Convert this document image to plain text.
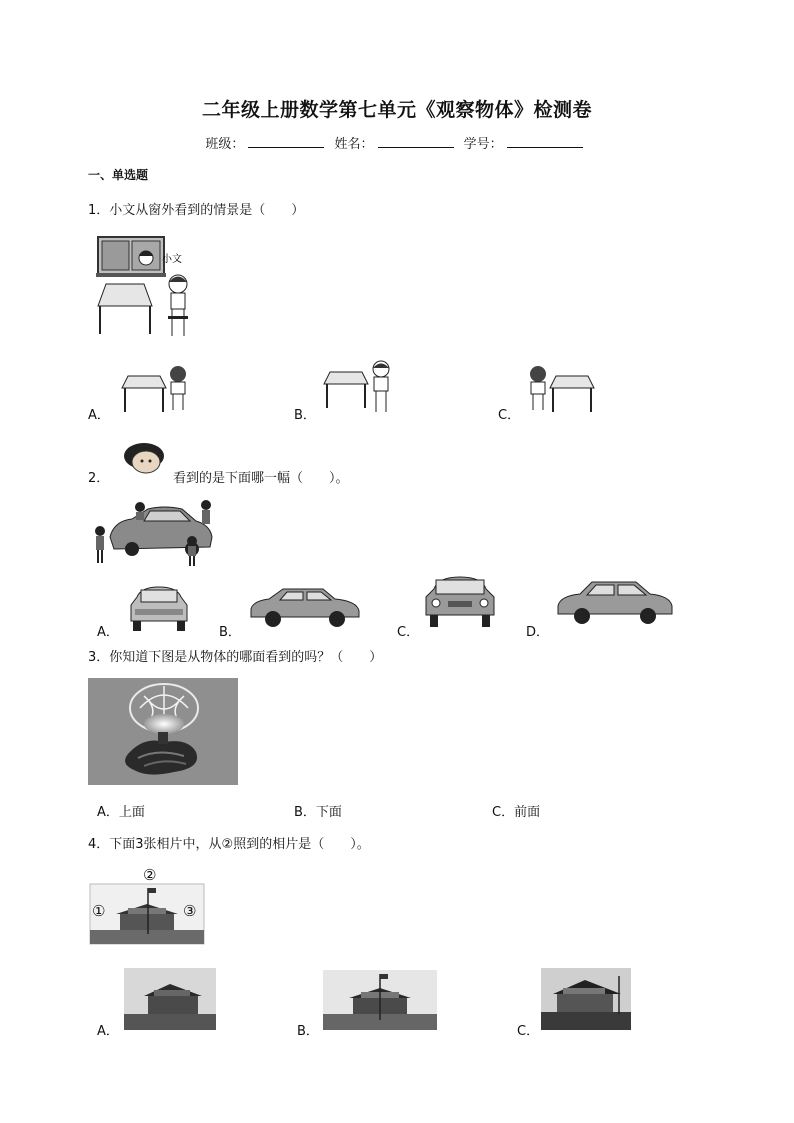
二年级上册数学第七单元《观察物体》检测卷
班级：	姓名：	学号：
一、单选题
1．小文从窗外看到的情景是（　　）
小文
A．	B．	C．
2．	看到的是下面哪一幅（　　）。
A．	B．	C．	D．
3．你知道下图是从物体的哪面看到的吗？（　　）
A．上面	B．下面	C．前面
4．下面3张相片中，从②照到的相片是（　　）。
②
①	③
A．	B．	C．
